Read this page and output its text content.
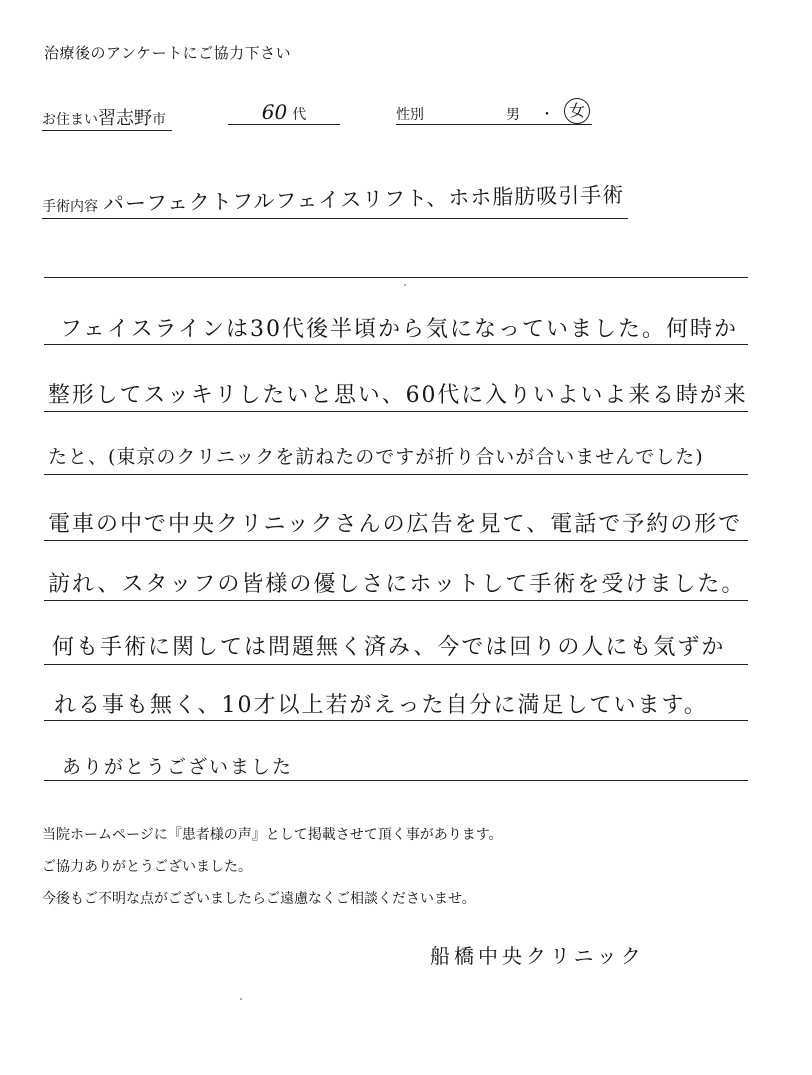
治療後のアンケートにご協力下さい
お住まい習志野市	60 代	性別	男 ・ 女
手術内容 パーフェクトフルフェイスリフト、ホホ脂肪吸引手術
フェイスラインは30代後半頃から気になっていました。何時か
整形してスッキリしたいと思い、60代に入りいよいよ来る時が来
たと、(東京のクリニックを訪ねたのですが折り合いが合いませんでした)
電車の中で中央クリニックさんの広告を見て、電話で予約の形で
訪れ、スタッフの皆様の優しさにホットして手術を受けました。
何も手術に関しては問題無く済み、今では回りの人にも気ずか
れる事も無く、10才以上若がえった自分に満足しています。
ありがとうございました

当院ホームページに『患者様の声』として掲載させて頂く事があります。

ご協力ありがとうございました。

今後もご不明な点がございましたらご遠慮なくご相談くださいませ。

船橋中央クリニック
